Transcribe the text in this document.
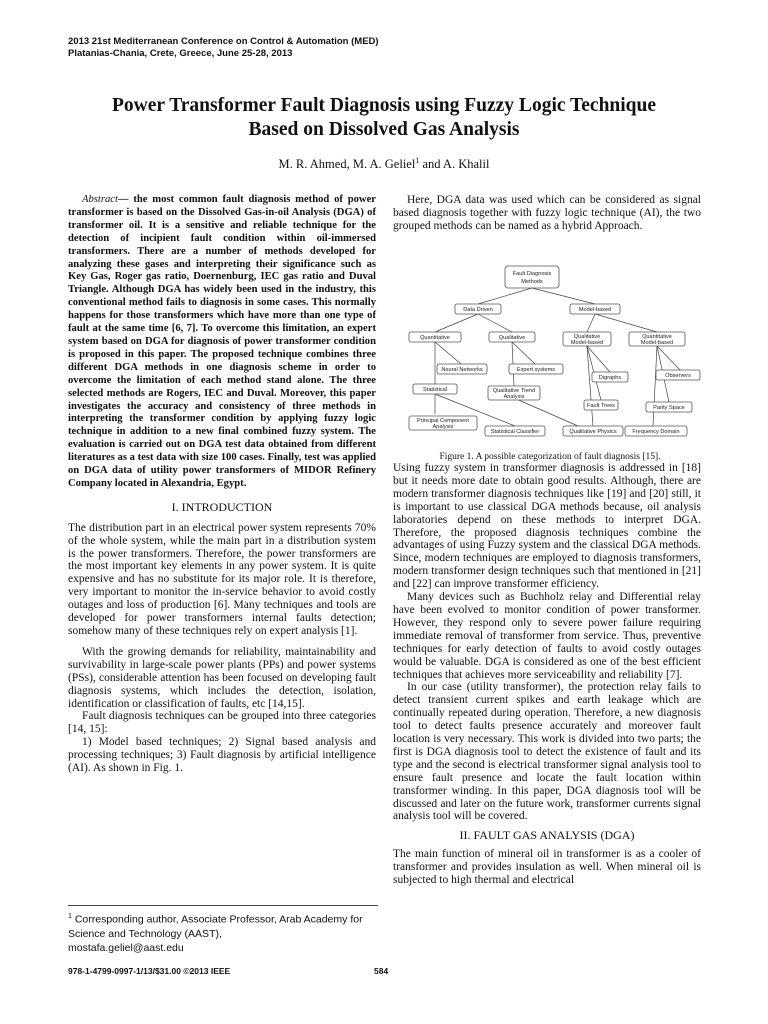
2013 21st Mediterranean Conference on Control & Automation (MED)
Platanias-Chania, Crete, Greece, June 25-28, 2013
Power Transformer Fault Diagnosis using Fuzzy Logic Technique
Based on Dissolved Gas Analysis
M. R. Ahmed, M. A. Geliel$^1$ and A. Khalil

Abstract— the most common fault diagnosis method of power transformer is based on the Dissolved Gas-in-oil Analysis (DGA) of transformer oil. It is a sensitive and reliable technique for the detection of incipient fault condition within oil-immersed transformers. There are a number of methods developed for analyzing these gases and interpreting their significance such as Key Gas, Roger gas ratio, Doernenburg, IEC gas ratio and Duval Triangle. Although DGA has widely been used in the industry, this conventional method fails to diagnosis in some cases. This normally happens for those transformers which have more than one type of fault at the same time [6, 7]. To overcome this limitation, an expert system based on DGA for diagnosis of power transformer condition is proposed in this paper. The proposed technique combines three different DGA methods in one diagnosis scheme in order to overcome the limitation of each method stand alone. The three selected methods are Rogers, IEC and Duval. Moreover, this paper investigates the accuracy and consistency of three methods in interpreting the transformer condition by applying fuzzy logic technique in addition to a new final combined fuzzy system. The evaluation is carried out on DGA test data obtained from different literatures as a test data with size 100 cases. Finally, test was applied on DGA data of utility power transformers of MIDOR Refinery Company located in Alexandria, Egypt.

I. INTRODUCTION

The distribution part in an electrical power system represents 70% of the whole system, while the main part in a distribution system is the power transformers. Therefore, the power transformers are the most important key elements in any power system. It is quite expensive and has no substitute for its major role. It is therefore, very important to monitor the in-service behavior to avoid costly outages and loss of production [6]. Many techniques and tools are developed for power transformers internal faults detection; somehow many of these techniques rely on expert analysis [1].

With the growing demands for reliability, maintainability and survivability in large-scale power plants (PPs) and power systems (PSs), considerable attention has been focused on developing fault diagnosis systems, which includes the detection, isolation, identification or classification of faults, etc [14,15].

Fault diagnosis techniques can be grouped into three categories [14, 15]:

1) Model based techniques; 2) Signal based analysis and processing techniques; 3) Fault diagnosis by artificial intelligence (AI). As shown in Fig. 1.

Here, DGA data was used which can be considered as signal based diagnosis together with fuzzy logic technique (AI), the two grouped methods can be named as a hybrid Approach.

Fault Diagnosis
Methods
Data Driven	Model-based
Quantitative	Qualitative	Qualitative
Model-based
Quantitative
Model-based
Neural Networks	Expert systems
Digraphs	Observers
Statistical	Qualitative Trend
Analysis
Fault Trees	Parity Space
Principal Component
Analysis
Statistical Classifier	Qualitative Physics	Frequency Domain
Figure 1. A possible categorization of fault diagnosis [15].

Using fuzzy system in transformer diagnosis is addressed in [18] but it needs more date to obtain good results. Although, there are modern transformer diagnosis techniques like [19] and [20] still, it is important to use classical DGA methods because, oil analysis laboratories depend on these methods to interpret DGA. Therefore, the proposed diagnosis techniques combine the advantages of using Fuzzy system and the classical DGA methods. Since, modern techniques are employed to diagnosis transformers, modern transformer design techniques such that mentioned in [21] and [22] can improve transformer efficiency.

Many devices such as Buchholz relay and Differential relay have been evolved to monitor condition of power transformer. However, they respond only to severe power failure requiring immediate removal of transformer from service. Thus, preventive techniques for early detection of faults to avoid costly outages would be valuable. DGA is considered as one of the best efficient techniques that achieves more serviceability and reliability [7].

In our case (utility transformer), the protection relay fails to detect transient current spikes and earth leakage which are continually repeated during operation. Therefore, a new diagnosis tool to detect faults presence accurately and moreover fault location is very necessary. This work is divided into two parts; the first is DGA diagnosis tool to detect the existence of fault and its type and the second is electrical transformer signal analysis tool to ensure fault presence and locate the fault location within transformer winding. In this paper, DGA diagnosis tool will be discussed and later on the future work, transformer currents signal analysis tool will be covered.

II. FAULT GAS ANALYSIS (DGA)

The main function of mineral oil in transformer is as a cooler of transformer and provides insulation as well. When mineral oil is subjected to high thermal and electrical

$^1$ Corresponding author, Associate Professor, Arab Academy for Science and Technology (AAST),
mostafa.geliel@aast.edu
978-1-4799-0997-1/13/$31.00 ©2013 IEEE	584
